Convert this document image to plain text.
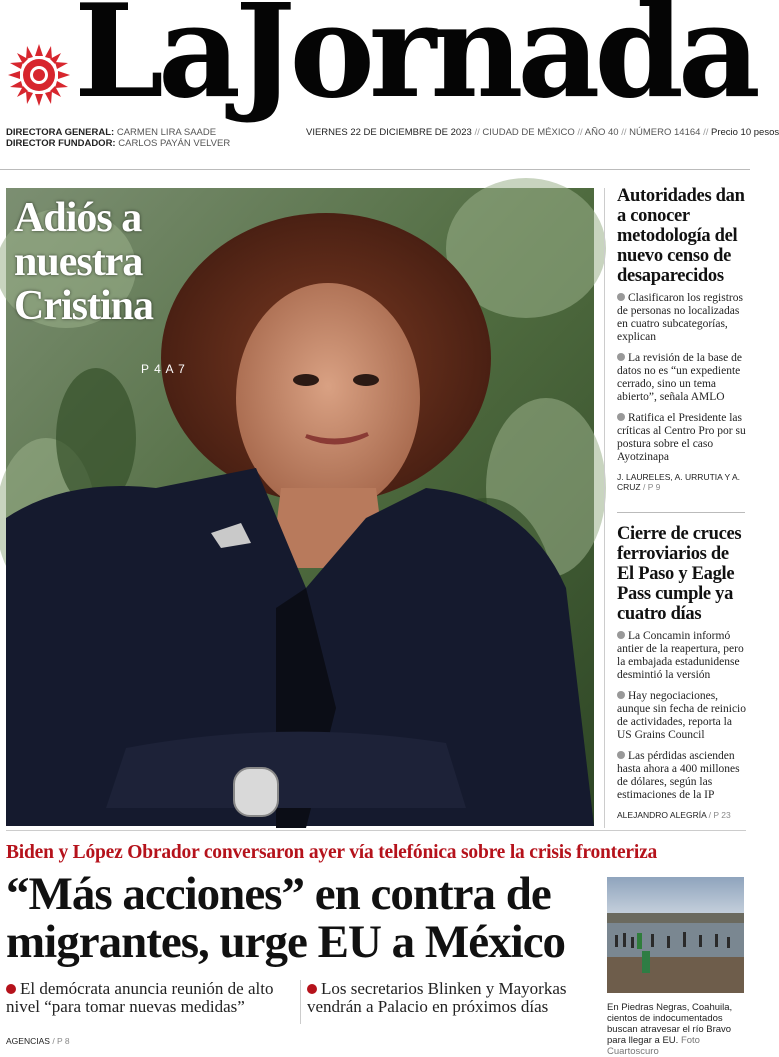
LaJornada
DIRECTORA GENERAL: CARMEN LIRA SAADE
DIRECTOR FUNDADOR: CARLOS PAYÁN VELVER
VIERNES 22 DE DICIEMBRE DE 2023 // CIUDAD DE MÉXICO // AÑO 40 // NÚMERO 14164 // Precio 10 pesos
Adiós a
nuestra
Cristina
P 4 A 7
Autoridades dan a conocer metodología del nuevo censo de desaparecidos
Clasificaron los registros de personas no localizadas en cuatro subcategorías, explican
La revisión de la base de datos no es “un expediente cerrado, sino un tema abierto”, señala AMLO
Ratifica el Presidente las críticas al Centro Pro por su postura sobre el caso Ayotzinapa
J. LAURELES, A. URRUTIA Y A. CRUZ / P 9
Cierre de cruces ferroviarios de El Paso y Eagle Pass cumple ya cuatro días
La Concamin informó antier de la reapertura, pero la embajada estadunidense desmintió la versión
Hay negociaciones, aunque sin fecha de reinicio de actividades, reporta la US Grains Council
Las pérdidas ascienden hasta ahora a 400 millones de dólares, según las estimaciones de la IP
ALEJANDRO ALEGRÍA / P 23
Biden y López Obrador conversaron ayer vía telefónica sobre la crisis fronteriza
“Más acciones” en contra de
migrantes, urge EU a México
El demócrata anuncia reunión de alto nivel “para tomar nuevas medidas”
Los secretarios Blinken y Mayorkas vendrán a Palacio en próximos días
AGENCIAS / P 8
En Piedras Negras, Coahuila, cientos de indocumentados buscan atravesar el río Bravo para llegar a EU. Foto Cuartoscuro
